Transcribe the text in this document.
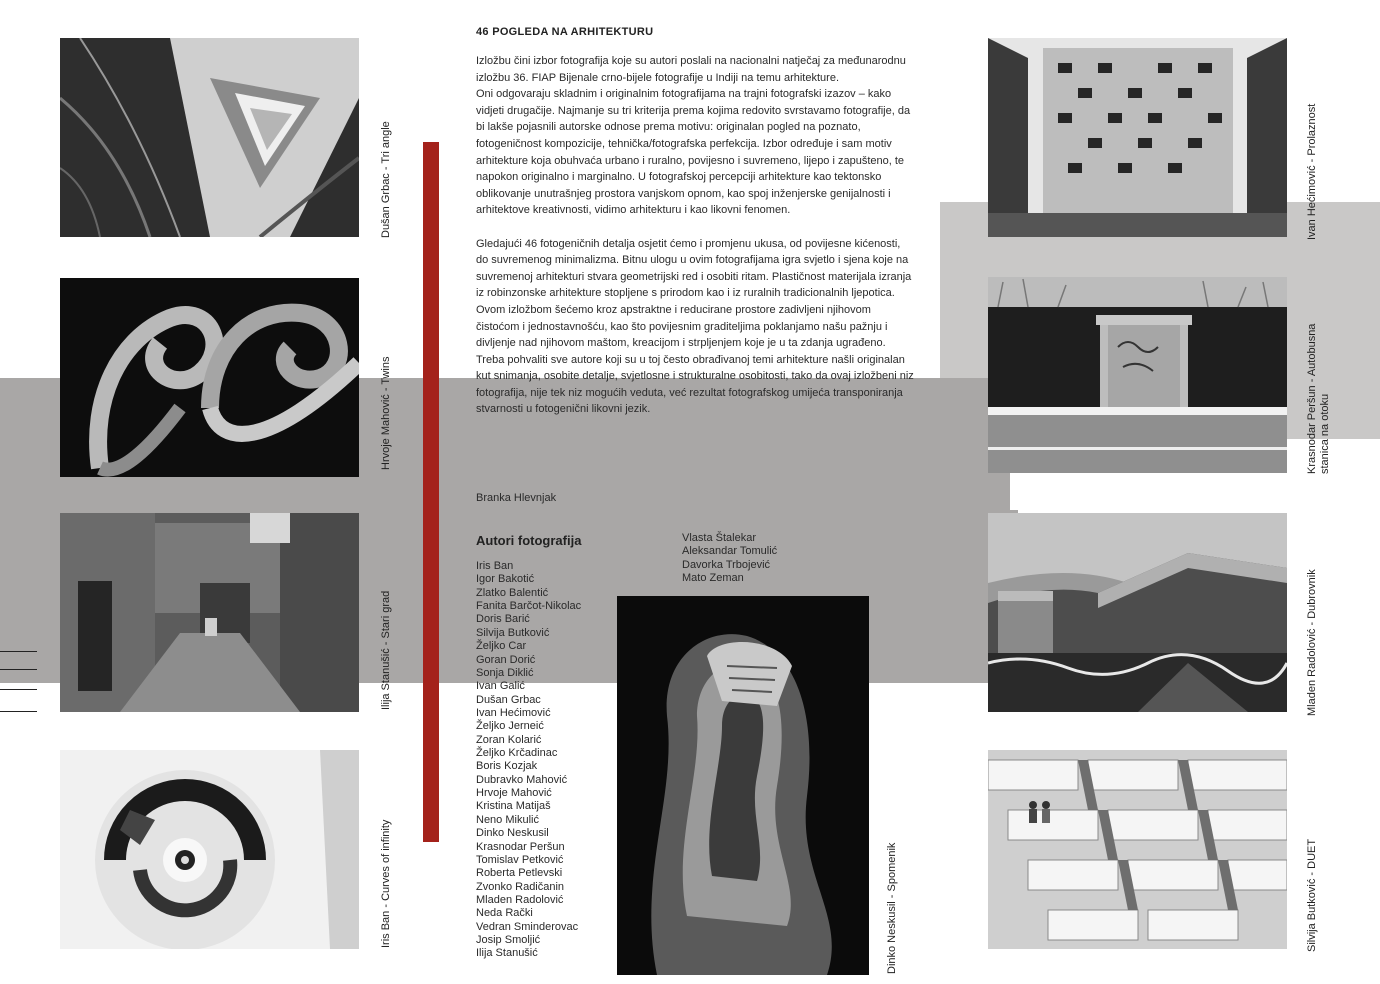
Dušan Grbac - Tri angle
Hrvoje Mahović - Twins
Ilija Stanušić - Stari grad
Iris Ban - Curves of infinity	Dinko Neskusil - Spomenik
Ivan Hećimović - Prolaznost
Krasnodar Peršun - Autobusna stanica na otoku
Mladen Radolović - Dubrovnik
Silvija Butković - DUET
46 POGLEDA NA ARHITEKTURU

Izložbu čini izbor fotografija koje su autori poslali na nacionalni natječaj za međunarodnu izložbu 36. FIAP Bijenale crno-bijele fotografije u Indiji na temu arhitekture.

Oni odgovaraju skladnim i originalnim fotografijama na trajni fotografski izazov – kako vidjeti drugačije. Najmanje su tri kriterija prema kojima redovito svrstavamo fotografije, da bi lakše pojasnili autorske odnose prema motivu: originalan pogled na poznato, fotogeničnost kompozicije, tehnička/fotografska perfekcija. Izbor određuje i sam motiv arhitekture koja obuhvaća urbano i ruralno, povijesno i suvremeno, lijepo i zapušteno, te napokon originalno i marginalno. U fotografskoj percepciji arhitekture kao tektonsko oblikovanje unutrašnjeg prostora vanjskom opnom, kao spoj inženjerske genijalnosti i arhitektove kreativnosti, vidimo arhitekturu i kao likovni fenomen.

Gledajući 46 fotogeničnih detalja osjetit ćemo i promjenu ukusa, od povijesne kićenosti, do suvremenog minimalizma. Bitnu ulogu u ovim fotografijama igra svjetlo i sjena koje na suvremenoj arhitekturi stvara geometrijski red i osobiti ritam. Plastičnost materijala izranja iz robinzonske arhitekture stopljene s prirodom kao i iz ruralnih tradicionalnih ljepotica. Ovom izložbom šećemo kroz apstraktne i reducirane prostore zadivljeni njihovom čistoćom i jednostavnošću, kao što povijesnim graditeljima poklanjamo našu pažnju i divljenje nad njihovom maštom, kreacijom i strpljenjem koje je u ta zdanja ugrađeno.

Treba pohvaliti sve autore koji su u toj često obrađivanoj temi arhitekture našli originalan kut snimanja, osobite detalje, svjetlosne i strukturalne osobitosti, tako da ovaj izložbeni niz fotografija, nije tek niz mogućih veduta, već rezultat fotografskog umijeća transponiranja stvarnosti u fotogenični likovni jezik.

Branka Hlevnjak
Autori fotografija
Iris Ban
Igor Bakotić
Zlatko Balentić
Fanita Barčot-Nikolac
Doris Barić
Silvija Butković
Željko Car
Goran Dorić
Sonja Diklić
Ivan Galić
Dušan Grbac
Ivan Hećimović
Željko Jernеić
Zoran Kolarić
Željko Krčadinac
Boris Kozjak
Dubravko Mahović
Hrvoje Mahović
Kristina Matijaš
Neno Mikulić
Dinko Neskusil
Krasnodar Peršun
Tomislav Petković
Roberta Petlevski
Zvonko Radičanin
Mladen Radolović
Neda Rački
Vedran Sminderovac
Josip Smoljić
Ilija Stanušić
Vlasta Štalekar
Aleksandar Tomulić
Davorka Trbojević
Mato Zeman
